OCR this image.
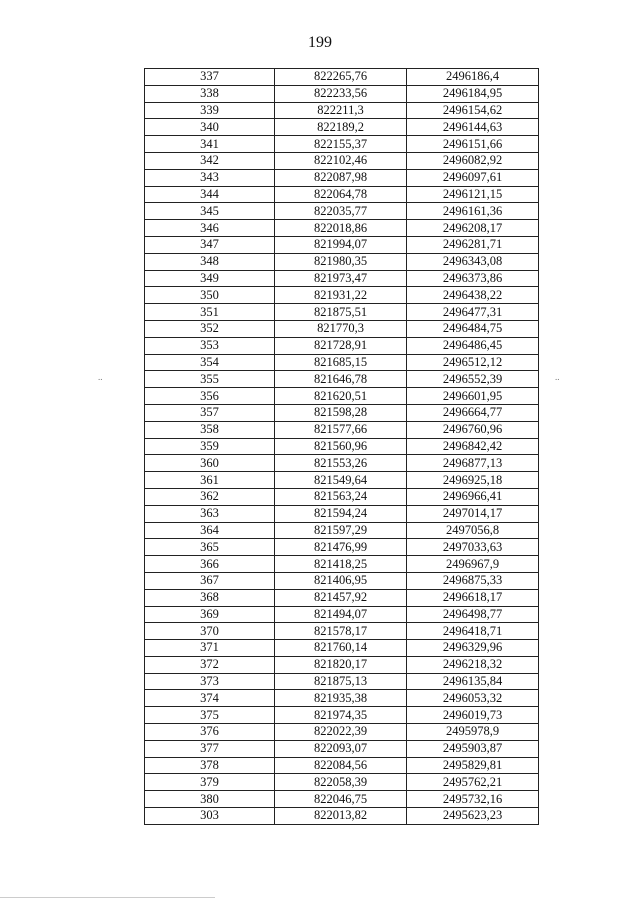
199
..	..
337	822265,76	2496186,4
338	822233,56	2496184,95
339	822211,3	2496154,62
340	822189,2	2496144,63
341	822155,37	2496151,66
342	822102,46	2496082,92
343	822087,98	2496097,61
344	822064,78	2496121,15
345	822035,77	2496161,36
346	822018,86	2496208,17
347	821994,07	2496281,71
348	821980,35	2496343,08
349	821973,47	2496373,86
350	821931,22	2496438,22
351	821875,51	2496477,31
352	821770,3	2496484,75
353	821728,91	2496486,45
354	821685,15	2496512,12
355	821646,78	2496552,39
356	821620,51	2496601,95
357	821598,28	2496664,77
358	821577,66	2496760,96
359	821560,96	2496842,42
360	821553,26	2496877,13
361	821549,64	2496925,18
362	821563,24	2496966,41
363	821594,24	2497014,17
364	821597,29	2497056,8
365	821476,99	2497033,63
366	821418,25	2496967,9
367	821406,95	2496875,33
368	821457,92	2496618,17
369	821494,07	2496498,77
370	821578,17	2496418,71
371	821760,14	2496329,96
372	821820,17	2496218,32
373	821875,13	2496135,84
374	821935,38	2496053,32
375	821974,35	2496019,73
376	822022,39	2495978,9
377	822093,07	2495903,87
378	822084,56	2495829,81
379	822058,39	2495762,21
380	822046,75	2495732,16
303	822013,82	2495623,23
